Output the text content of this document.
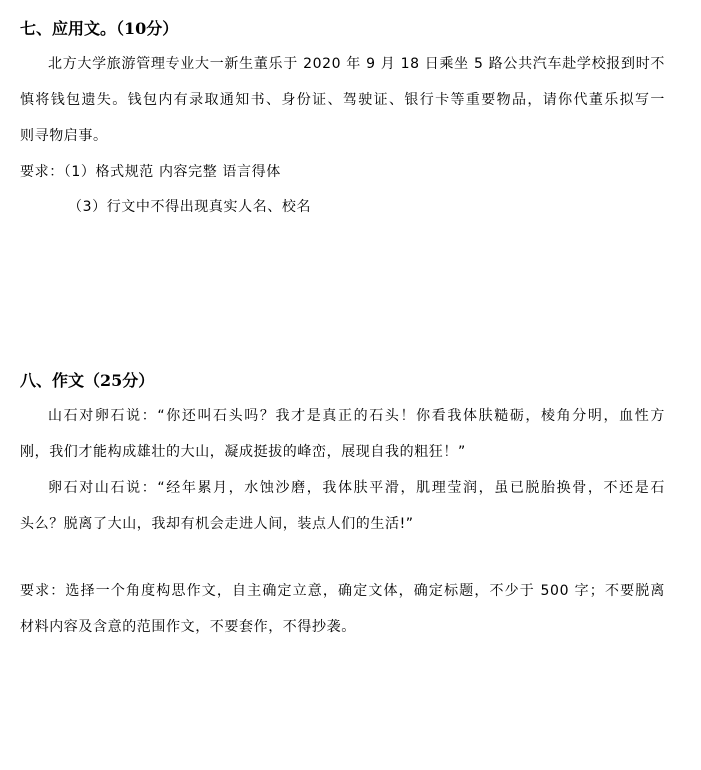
七、应用文。（10分）
北方大学旅游管理专业大一新生董乐于 2020 年 9 月 18 日乘坐 5 路公共汽车赴学校报到时不
慎将钱包遗失。钱包内有录取通知书、身份证、驾驶证、银行卡等重要物品，请你代董乐拟写一
则寻物启事。
要求：（1）格式规范 内容完整 语言得体
（3）行文中不得出现真实人名、校名
八、作文（25分）
山石对卵石说：“你还叫石头吗？我才是真正的石头！你看我体肤糙砺，棱角分明，血性方
刚，我们才能构成雄壮的大山，凝成挺拔的峰峦，展现自我的粗狂！”
卵石对山石说：“经年累月，水蚀沙磨，我体肤平滑，肌理莹润，虽已脱胎换骨，不还是石
头么？脱离了大山，我却有机会走进人间，装点人们的生活!”
要求：选择一个角度构思作文，自主确定立意，确定文体，确定标题，不少于 500 字；不要脱离
材料内容及含意的范围作文，不要套作，不得抄袭。
